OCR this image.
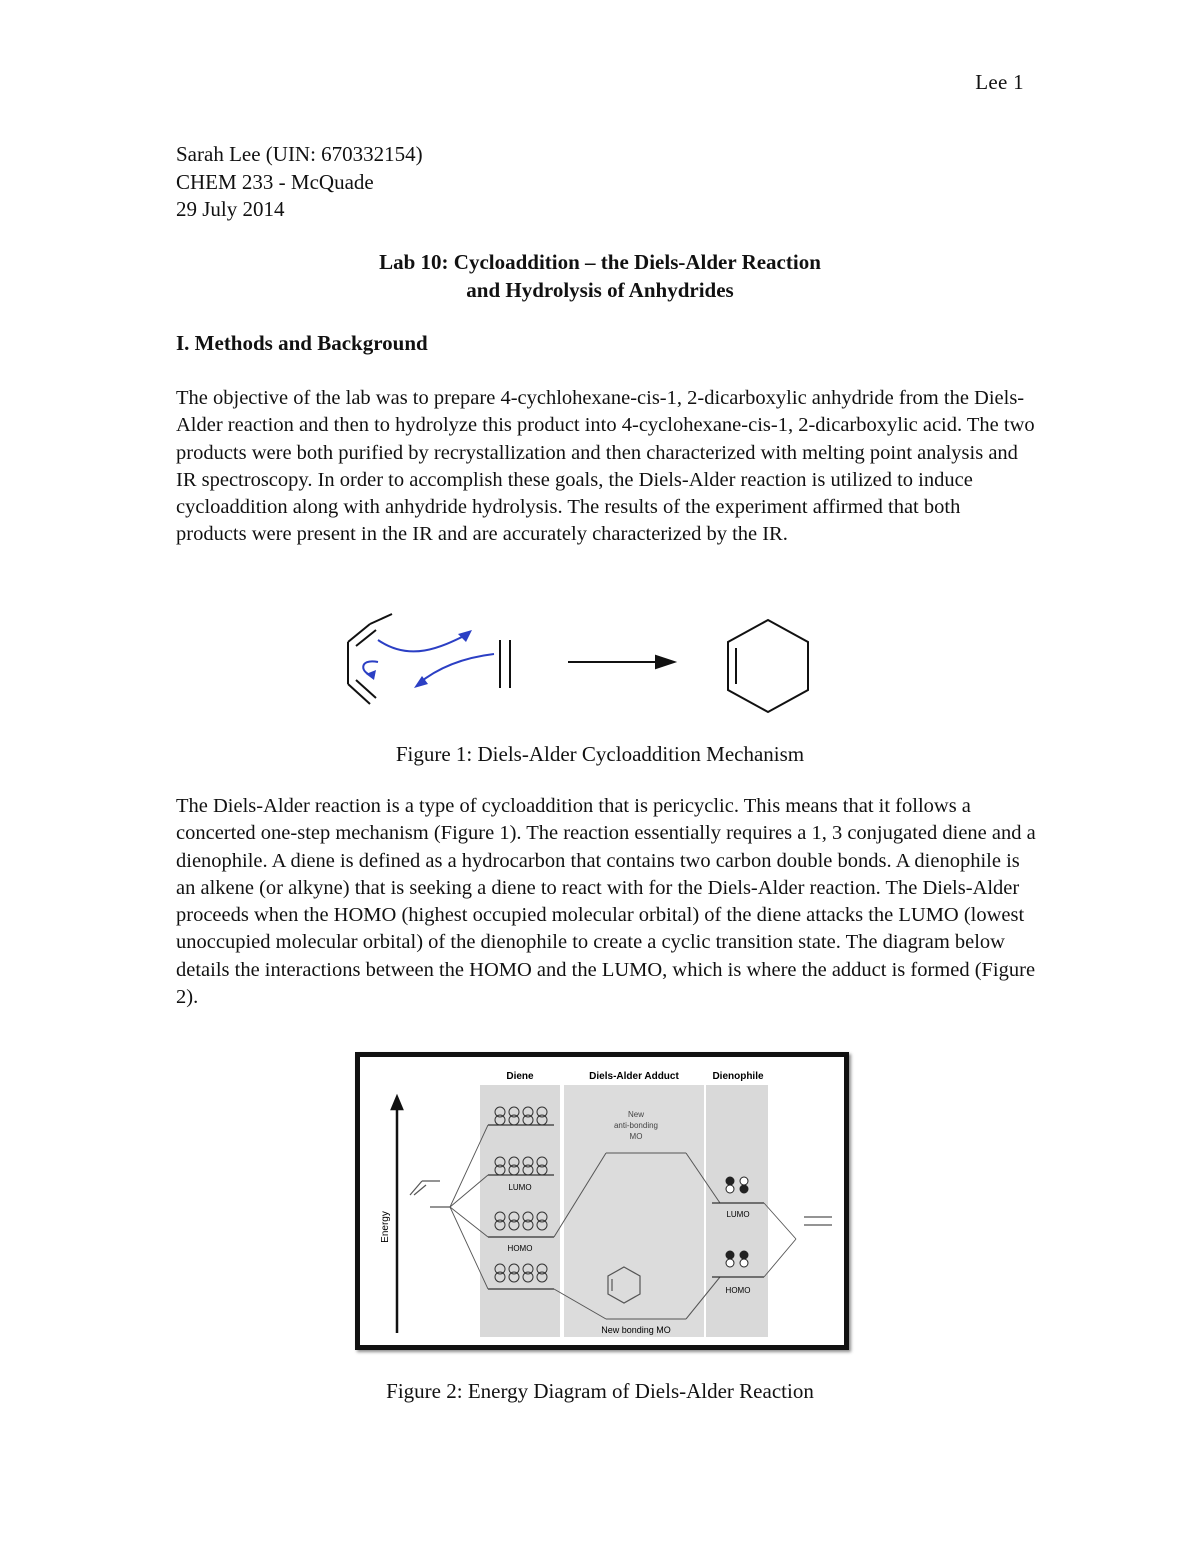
Lee 1
Sarah Lee (UIN: 670332154)
CHEM 233 - McQuade
29 July 2014
Lab 10: Cycloaddition – the Diels-Alder Reaction
and Hydrolysis of Anhydrides
I. Methods and Background

The objective of the lab was to prepare 4-cychlohexane-cis-1, 2-dicarboxylic anhydride from the Diels-Alder reaction and then to hydrolyze this product into 4-cyclohexane-cis-1, 2-dicarboxylic acid. The two products were both purified by recrystallization and then characterized with melting point analysis and IR spectroscopy. In order to accomplish these goals, the Diels-Alder reaction is utilized to induce cycloaddition along with anhydride hydrolysis. The results of the experiment affirmed that both products were present in the IR and are accurately characterized by the IR.

Figure 1: Diels-Alder Cycloaddition Mechanism

The Diels-Alder reaction is a type of cycloaddition that is pericyclic. This means that it follows a concerted one-step mechanism (Figure 1). The reaction essentially requires a 1, 3 conjugated diene and a dienophile. A diene is defined as a hydrocarbon that contains two carbon double bonds. A dienophile is an alkene (or alkyne) that is seeking a diene to react with for the Diels-Alder reaction. The Diels-Alder proceeds when the HOMO (highest occupied molecular orbital) of the diene attacks the LUMO (lowest unoccupied molecular orbital) of the dienophile to create a cyclic transition state. The diagram below details the interactions between the HOMO and the LUMO, which is where the adduct is formed (Figure 2).

Diene	Diels-Alder Adduct	Dienophile
Energy
LUMO
HOMO
New
anti-bonding
MO
New bonding MO
LUMO
HOMO
Figure 2: Energy Diagram of Diels-Alder Reaction
